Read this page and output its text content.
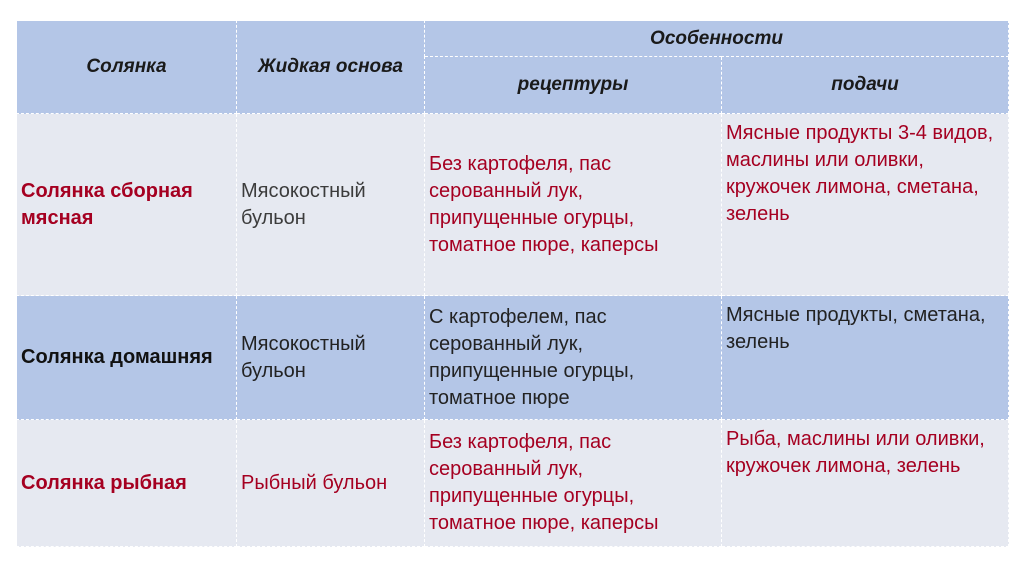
Солянка	Жидкая основа	Особенности	
		рецептуры	подачи
Солянка сборная мясная	Мясокостный бульон	Без картофеля, пас серованный лук, припущенные огурцы, томатное пюре, каперсы	Мясные продукты 3-4 видов, маслины или оливки, кружочек лимона, сметана, зелень
Солянка домашняя	Мясокостный бульон	С картофелем, пас серованный лук, припущенные огурцы, томатное пюре	Мясные продукты, сметана, зелень
Солянка рыбная	Рыбный бульон	Без картофеля, пас серованный лук, припущенные огурцы, томатное пюре, каперсы	Рыба, маслины или оливки, кружочек лимона, зелень
